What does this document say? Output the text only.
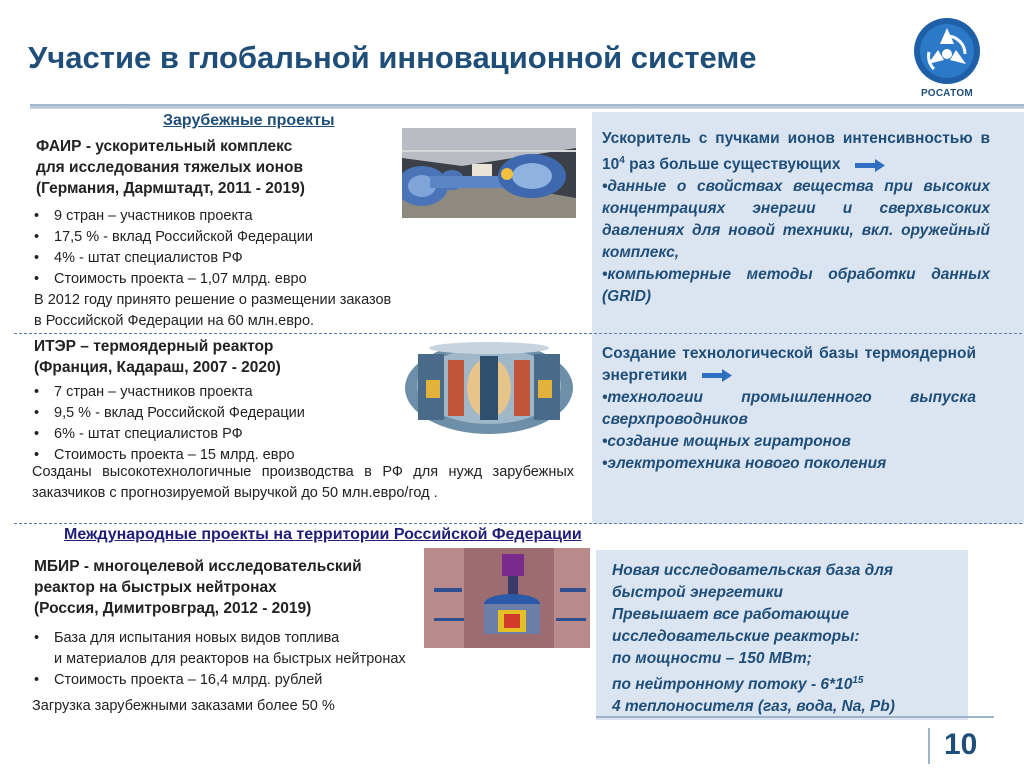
Участие в глобальной инновационной системе
РОСАТОМ
Зарубежные проекты
ФАИР - ускорительный комплекс
для исследования тяжелых ионов
(Германия, Дармштадт, 2011 - 2019)
• 9 стран – участников проекта
• 17,5 % - вклад Российской Федерации
• 4% - штат специалистов РФ
• Стоимость проекта – 1,07 млрд. евро
В 2012 году принято решение о размещении заказов
в Российской Федерации на 60 млн.евро.

Ускоритель с пучками ионов интенсивностью в $10^4$ раз больше существующих

•данные о свойствах вещества при высоких концентрациях энергии и сверхвысоких давлениях для новой техники, вкл. оружейный комплекс,

•компьютерные методы обработки данных (GRID)

ИТЭР – термоядерный реактор
(Франция, Кадараш, 2007 - 2020)
• 7 стран – участников проекта
• 9,5 % - вклад Российской Федерации
• 6% - штат специалистов РФ
• Стоимость проекта – 15 млрд. евро
Созданы высокотехнологичные производства в РФ для нужд зарубежных заказчиков с прогнозируемой выручкой до 50 млн.евро/год .

Создание технологической базы термоядерной энергетики

•технологии промышленного выпуска сверхпроводников

•создание мощных гиратронов

•электротехника нового поколения

Международные проекты на территории Российской Федерации
МБИР - многоцелевой исследовательский
реактор на быстрых нейтронах
(Россия, Димитровград, 2012 - 2019)
• База для испытания новых видов топлива
и материалов для реакторов на быстрых нейтронах
• Стоимость проекта – 16,4 млрд. рублей
Загрузка зарубежными заказами более 50 %

Новая исследовательская база для

быстрой энергетики

Превышает все работающие

исследовательские реакторы:

по мощности – 150 МВт;

по нейтронному потоку - $6*10^{15}$

4 теплоносителя (газ, вода, Na, Pb)

10
